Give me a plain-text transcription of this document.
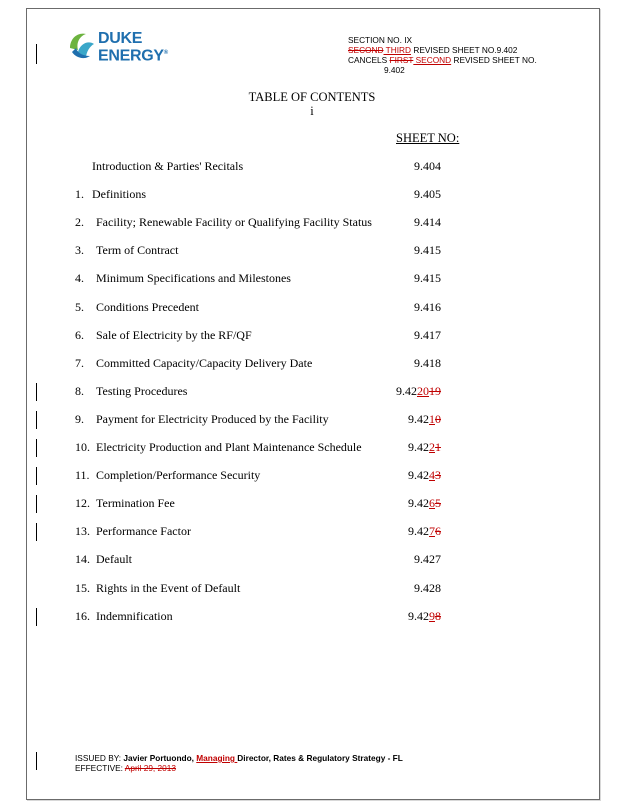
DUKE
ENERGY®
SECTION NO. IX
SECOND THIRD REVISED SHEET NO.9.402
CANCELS FIRST SECOND REVISED SHEET NO.
9.402
TABLE OF CONTENTS
i
SHEET NO:
Introduction & Parties' Recitals	9.404
1. Definitions	9.405
2. Facility; Renewable Facility or Qualifying Facility Status	9.414
3. Term of Contract	9.415
4. Minimum Specifications and Milestones	9.415
5. Conditions Precedent	9.416
6. Sale of Electricity by the RF/QF	9.417
7. Committed Capacity/Capacity Delivery Date	9.418
8. Testing Procedures	9.422019
9. Payment for Electricity Produced by the Facility	9.4210
10. Electricity Production and Plant Maintenance Schedule	9.4221
11. Completion/Performance Security	9.4243
12. Termination Fee	9.4265
13. Performance Factor	9.4276
14. Default	9.427
15. Rights in the Event of Default	9.428
16. Indemnification	9.4298
ISSUED BY: Javier Portuondo, Managing Director, Rates & Regulatory Strategy - FL
EFFECTIVE: April 29, 2013
